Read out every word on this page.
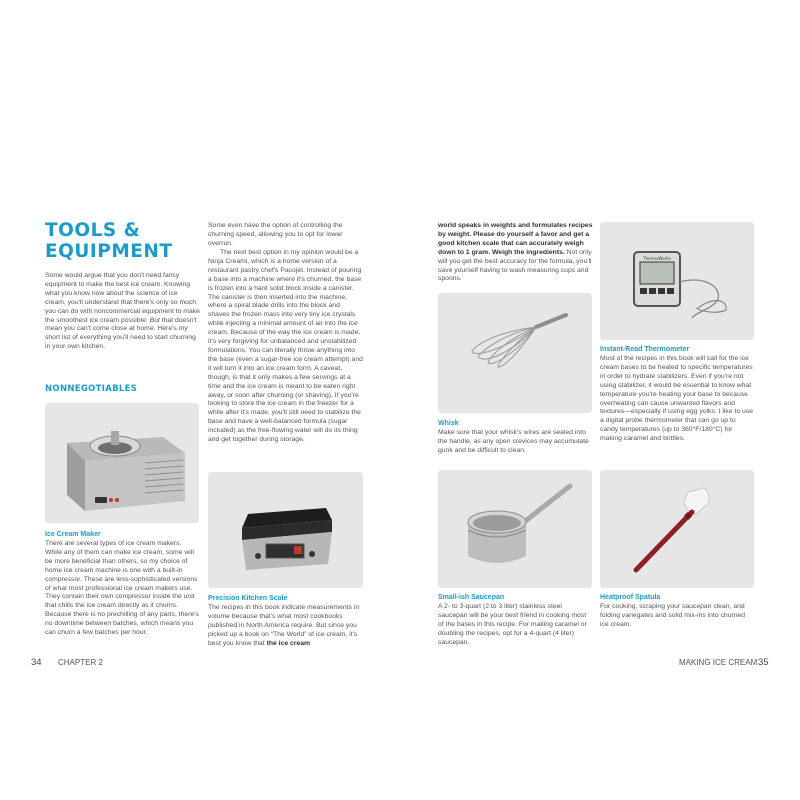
TOOLS &
EQUIPMENT

Some would argue that you don't need fancy equipment to make the best ice cream. Knowing what you know now about the science of ice cream, you'll understand that there's only so much you can do with noncommercial equipment to make the smoothest ice cream possible. But that doesn't mean you can't come close at home. Here's my short list of everything you'll need to start churning in your own kitchen.

NONNEGOTIABLES

Ice Cream Maker

There are several types of ice cream makers. While any of them can make ice cream, some will be more beneficial than others, so my choice of home ice cream machine is one with a built-in compressor. These are less-sophisticated versions of what most professional ice cream makers use. They contain their own compressor inside the unit that chills the ice cream directly as it churns. Because there is no prechilling of any parts, there's no downtime between batches, which means you can churn a few batches per hour.

Some even have the option of controlling the churning speed, allowing you to opt for lower overrun.

The next best option in my opinion would be a Ninja Creami, which is a home version of a restaurant pastry chef's Pacojet. Instead of pouring a base into a machine where it's churned, the base is frozen into a hard solid block inside a canister. The canister is then inserted into the machine, where a spiral blade drills into the block and shaves the frozen mass into very tiny ice crystals while injecting a minimal amount of air into the ice cream. Because of the way the ice cream is made, it's very forgiving for unbalanced and unstabilized formulations. You can literally throw anything into the base (even a sugar-free ice cream attempt) and it will turn it into an ice cream form. A caveat, though, is that it only makes a few servings at a time and the ice cream is meant to be eaten right away, or soon after churning (or shaving). If you're looking to store the ice cream in the freezer for a while after it's made, you'll still need to stabilize the base and have a well-balanced formula (sugar included) as the free-flowing water will do its thing and get together during storage.

Precision Kitchen Scale

The recipes in this book indicate measurements in volume because that's what most cookbooks published in North America require. But since you picked up a book on “The World” of ice cream, it's best you know that the ice cream

34 CHAPTER 2

world speaks in weights and formulates recipes by weight. Please do yourself a favor and get a good kitchen scale that can accurately weigh down to 1 gram. Weigh the ingredients. Not only will you get the best accuracy for the formula, you'll save yourself having to wash measuring cups and spoons.

Whisk

Make sure that your whisk's wires are sealed into the handle, as any open crevices may accumulate gunk and be difficult to clean.

Small-ish Saucepan

A 2- to 3-quart (2 to 3 liter) stainless steel saucepan will be your best friend in cooking most of the bases in this recipe. For making caramel or doubling the recipes, opt for a 4-quart (4 liter) saucepan.

ThermoWorks

Instant-Read Thermometer

Most of the recipes in this book will call for the ice cream bases to be heated to specific temperatures in order to hydrate stabilizers. Even if you're not using stabilizer, it would be essential to know what temperature you're heating your base to because overheating can cause unwanted flavors and textures—especially if using egg yolks. I like to use a digital probe thermometer that can go up to candy temperatures (up to 360°F/180°C) for making caramel and brittles.

Heatproof Spatula

For cooking, scraping your saucepan clean, and folding variegates and solid mix-ins into churned ice cream.

MAKING ICE CREAM 35
